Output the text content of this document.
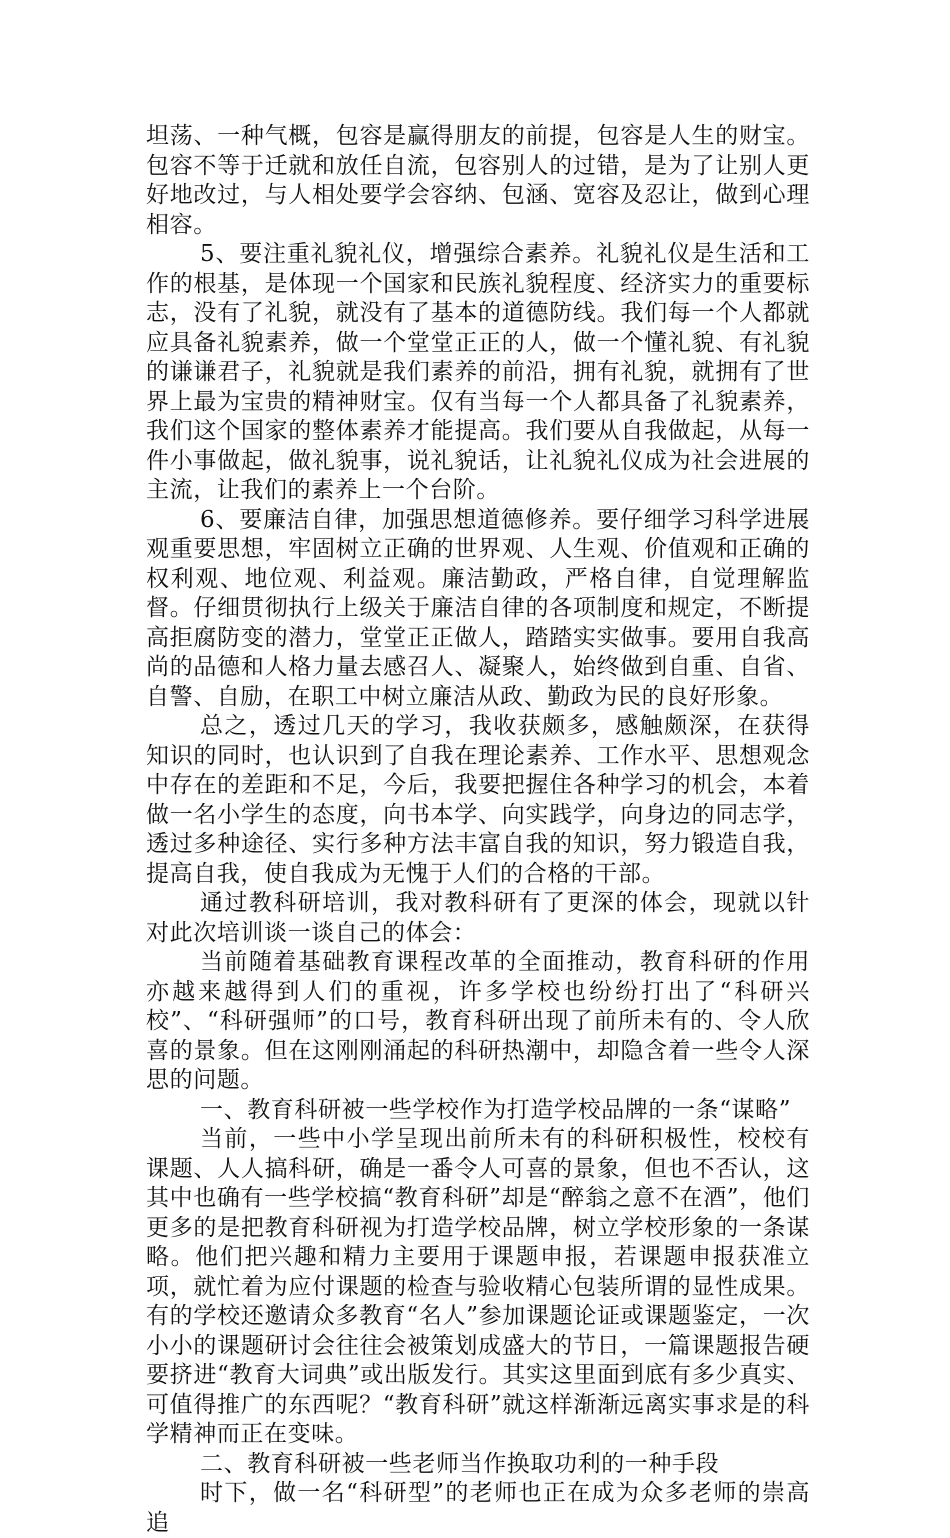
坦荡、一种气概，包容是赢得朋友的前提，包容是人生的财宝。包容不等于迁就和放任自流，包容别人的过错，是为了让别人更好地改过，与人相处要学会容纳、包涵、宽容及忍让，做到心理相容。

5、要注重礼貌礼仪，增强综合素养。礼貌礼仪是生活和工作的根基，是体现一个国家和民族礼貌程度、经济实力的重要标志，没有了礼貌，就没有了基本的道德防线。我们每一个人都就应具备礼貌素养，做一个堂堂正正的人，做一个懂礼貌、有礼貌的谦谦君子，礼貌就是我们素养的前沿，拥有礼貌，就拥有了世界上最为宝贵的精神财宝。仅有当每一个人都具备了礼貌素养，我们这个国家的整体素养才能提高。我们要从自我做起，从每一件小事做起，做礼貌事，说礼貌话，让礼貌礼仪成为社会进展的主流，让我们的素养上一个台阶。

6、要廉洁自律，加强思想道德修养。要仔细学习科学进展观重要思想，牢固树立正确的世界观、人生观、价值观和正确的权利观、地位观、利益观。廉洁勤政，严格自律，自觉理解监督。仔细贯彻执行上级关于廉洁自律的各项制度和规定，不断提高拒腐防变的潜力，堂堂正正做人，踏踏实实做事。要用自我高尚的品德和人格力量去感召人、凝聚人，始终做到自重、自省、自警、自励，在职工中树立廉洁从政、勤政为民的良好形象。

总之，透过几天的学习，我收获颇多，感触颇深，在获得知识的同时，也认识到了自我在理论素养、工作水平、思想观念中存在的差距和不足，今后，我要把握住各种学习的机会，本着做一名小学生的态度，向书本学、向实践学，向身边的同志学，透过多种途径、实行多种方法丰富自我的知识，努力锻造自我，提高自我，使自我成为无愧于人们的合格的干部。

通过教科研培训，我对教科研有了更深的体会，现就以针对此次培训谈一谈自己的体会：

当前随着基础教育课程改革的全面推动，教育科研的作用亦越来越得到人们的重视，许多学校也纷纷打出了“科研兴校”、“科研强师”的口号，教育科研出现了前所未有的、令人欣喜的景象。但在这刚刚涌起的科研热潮中，却隐含着一些令人深思的问题。

一、教育科研被一些学校作为打造学校品牌的一条“谋略”

当前，一些中小学呈现出前所未有的科研积极性，校校有课题、人人搞科研，确是一番令人可喜的景象，但也不否认，这其中也确有一些学校搞“教育科研”却是“醉翁之意不在酒”，他们更多的是把教育科研视为打造学校品牌，树立学校形象的一条谋略。他们把兴趣和精力主要用于课题申报，若课题申报获准立项，就忙着为应付课题的检查与验收精心包装所谓的显性成果。有的学校还邀请众多教育“名人”参加课题论证或课题鉴定，一次小小的课题研讨会往往会被策划成盛大的节日，一篇课题报告硬要挤进“教育大词典”或出版发行。其实这里面到底有多少真实、可值得推广的东西呢？“教育科研”就这样渐渐远离实事求是的科学精神而正在变味。

二、教育科研被一些老师当作换取功利的一种手段

时下，做一名“科研型”的老师也正在成为众多老师的崇高追
